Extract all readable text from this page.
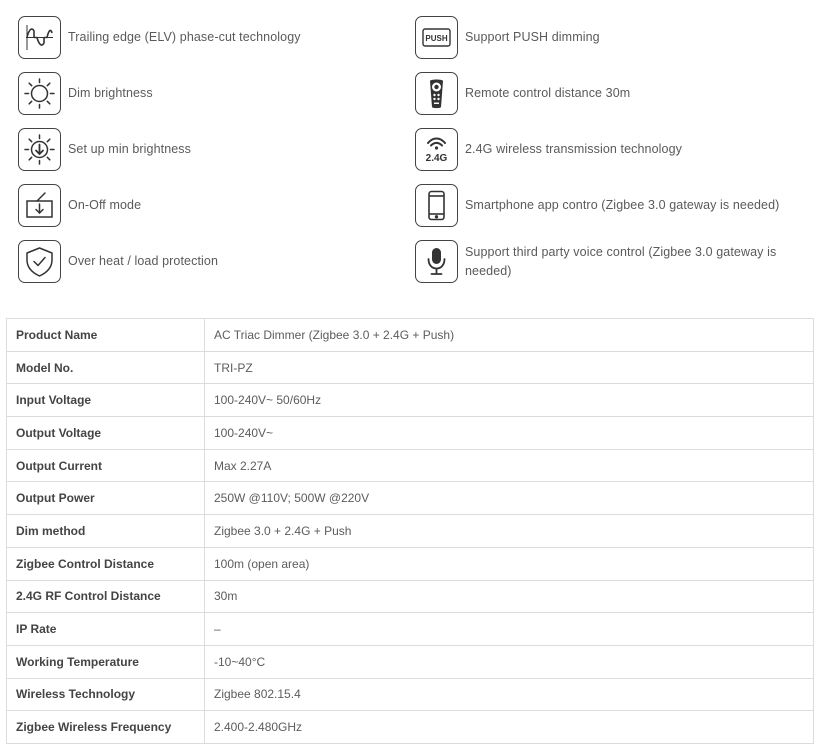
Trailing edge (ELV) phase-cut technology
Dim brightness
Set up min brightness
On-Off mode
Over heat / load protection
PUSH Support PUSH dimming
Remote control distance 30m
2.4G
2.4G wireless transmission technology
Smartphone app contro (Zigbee 3.0 gateway is needed)
Support third party voice control (Zigbee 3.0 gateway is needed)
Product Name	AC Triac Dimmer (Zigbee 3.0 + 2.4G + Push)
Model No.	TRI-PZ
Input Voltage	100-240V~ 50/60Hz
Output Voltage	100-240V~
Output Current	Max 2.27A
Output Power	250W @110V; 500W @220V
Dim method	Zigbee 3.0 + 2.4G + Push
Zigbee Control Distance	100m (open area)
2.4G RF Control Distance	30m
IP Rate	–
Working Temperature	-10~40°C
Wireless Technology	Zigbee 802.15.4
Zigbee Wireless Frequency	2.400-2.480GHz
